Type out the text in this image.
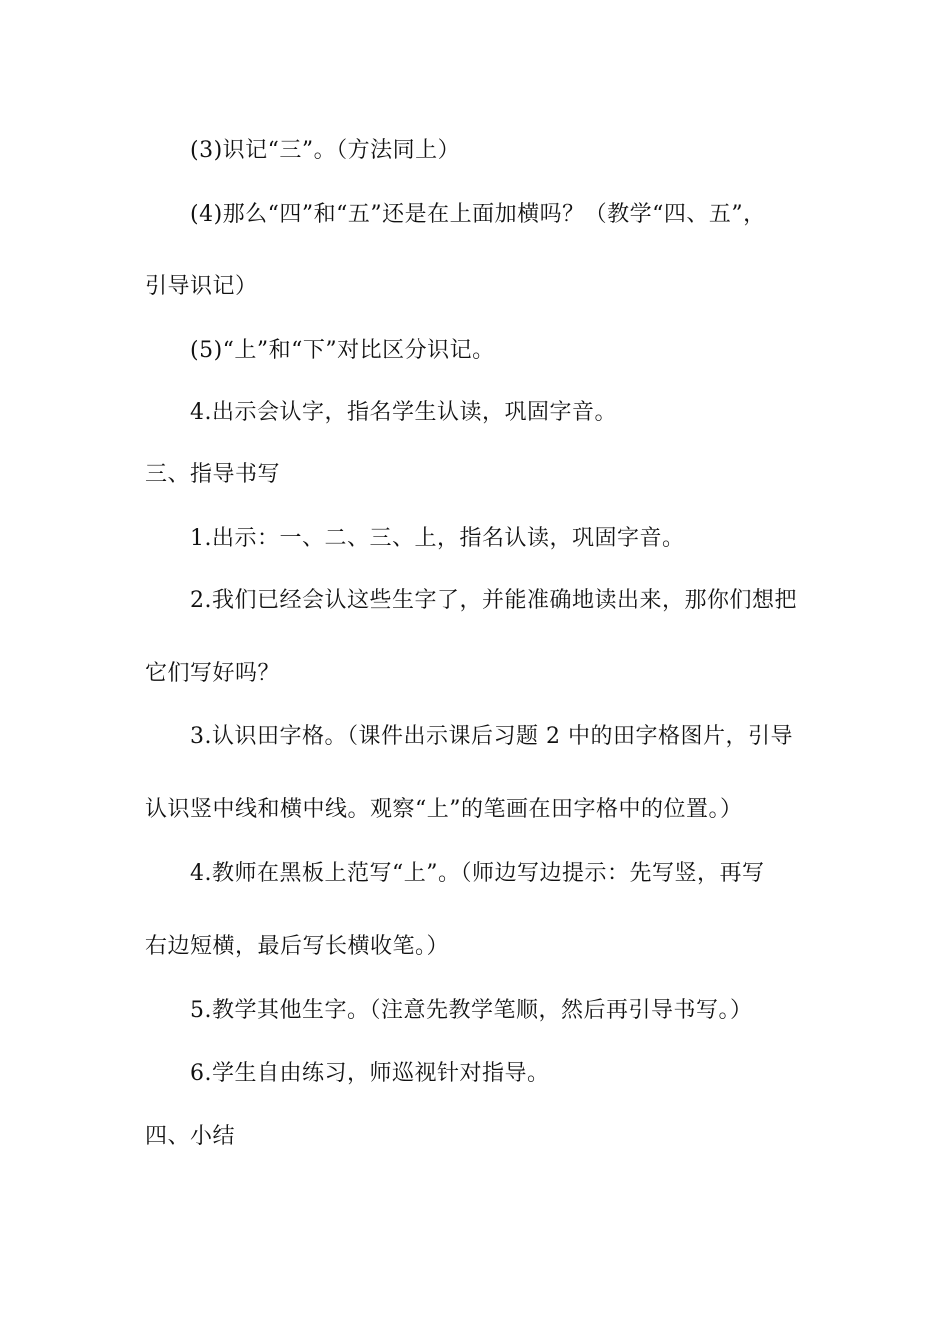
(3)识记“三”。（方法同上）
(4)那么“四”和“五”还是在上面加横吗？（教学“四、五”，
引导识记）
(5)“上”和“下”对比区分识记。
4.出示会认字，指名学生认读，巩固字音。
三、指导书写
1.出示：一、二、三、上，指名认读，巩固字音。
2.我们已经会认这些生字了，并能准确地读出来，那你们想把
它们写好吗？
3.认识田字格。（课件出示课后习题 2 中的田字格图片，引导
认识竖中线和横中线。观察“上”的笔画在田字格中的位置。）
4.教师在黑板上范写“上”。（师边写边提示：先写竖，再写
右边短横，最后写长横收笔。）
5.教学其他生字。（注意先教学笔顺，然后再引导书写。）
6.学生自由练习，师巡视针对指导。
四、小结
